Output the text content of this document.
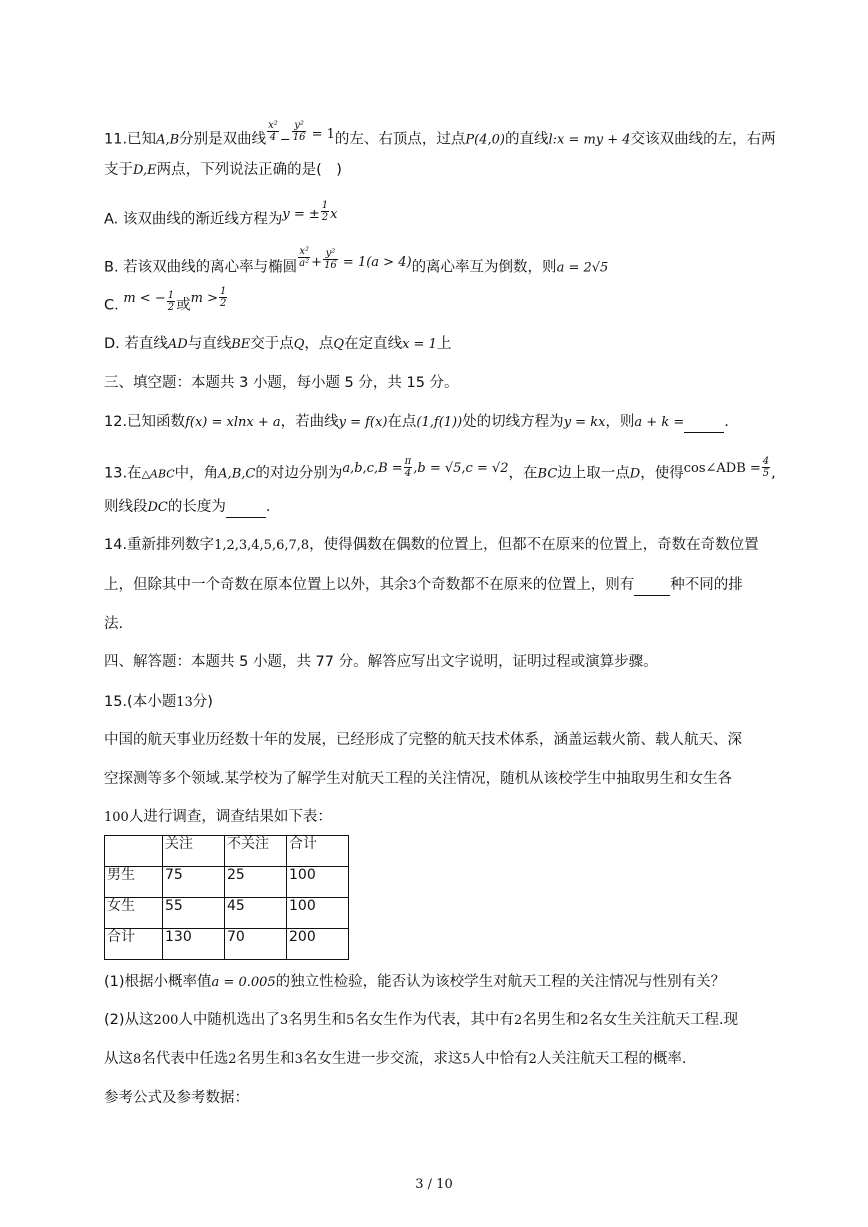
11.已知A,B分别是双曲线 $\frac{\text{x²}}{4} - \frac{\text{y²}}{16} = 1$的左、右顶点，过点P(4,0)的直线l:x = my + 4交该双曲线的左，右两
支于D,E两点，下列说法正确的是(　)
A. 该双曲线的渐近线方程为y = ± $\frac{1}{2}$ x
B. 若该双曲线的离心率与椭圆 $\frac{\text{x²}}{\text{a²}} + \frac{\text{y²}}{16} = 1(a > 4)$的离心率互为倒数，则a = 2√5
C. m < − $\frac{1}{2}$ 或$m > \frac{1}{2}$
D. 若直线AD与直线BE交于点Q，点Q在定直线x = 1上
三、填空题：本题共 3 小题，每小题 5 分，共 15 分。
12.已知函数f(x) = xlnx + a，若曲线y = f(x)在点(1,f(1))处的切线方程为y = kx，则a + k =	.
13.在△ABC中，角A,B,C的对边分别为$a,b,c,B = \frac{\pi}{4} ,b = √5,c = √2$，在BC边上取一点D，使得cos∠ADB = $\frac{4}{5}$ ,
则线段DC的长度为	.
14.重新排列数字1,2,3,4,5,6,7,8，使得偶数在偶数的位置上，但都不在原来的位置上，奇数在奇数位置
上，但除其中一个奇数在原本位置上以外，其余3个奇数都不在原来的位置上，则有 种不同的排
法.
四、解答题：本题共 5 小题，共 77 分。解答应写出文字说明，证明过程或演算步骤。
15.(本小题13分)
中国的航天事业历经数十年的发展，已经形成了完整的航天技术体系，涵盖运载火箭、载人航天、深
空探测等多个领域.某学校为了解学生对航天工程的关注情况，随机从该校学生中抽取男生和女生各
100人进行调查，调查结果如下表：
	关注	不关注	合计
男生	75	25	100
女生	55	45	100
合计	130	70	200
(1)根据小概率值a = 0.005的独立性检验，能否认为该校学生对航天工程的关注情况与性别有关？
(2)从这200人中随机选出了3名男生和5名女生作为代表，其中有2名男生和2名女生关注航天工程.现
从这8名代表中任选2名男生和3名女生进一步交流，求这5人中恰有2人关注航天工程的概率.
参考公式及参考数据：
3 / 10
